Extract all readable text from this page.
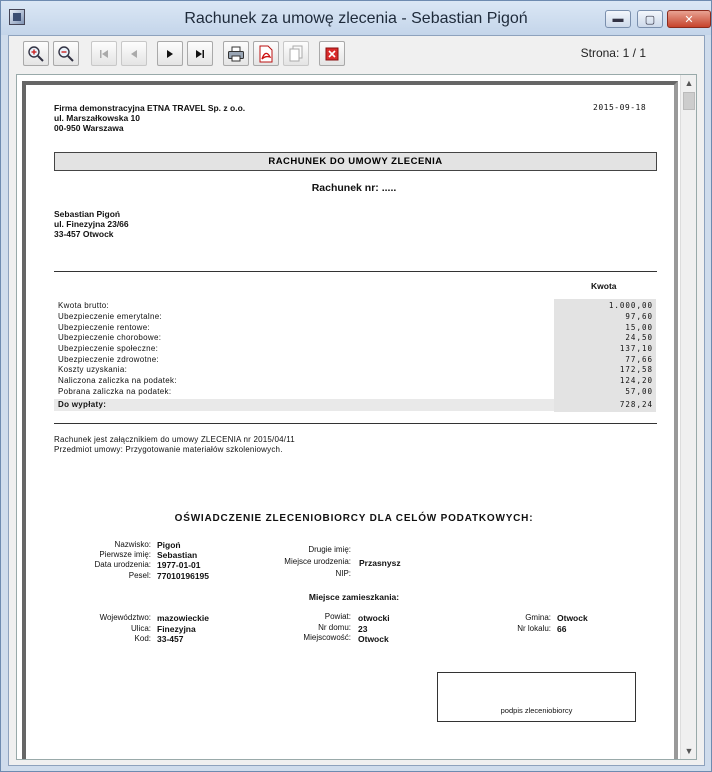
Rachunek za umowę zlecenia - Sebastian Pigoń	▬	▢	✕
Strona: 1 / 1
Firma demonstracyjna ETNA TRAVEL Sp. z o.o.
ul. Marszałkowska 10
00-950 Warszawa
2015-09-18
RACHUNEK DO UMOWY ZLECENIA
Rachunek nr: .....
Sebastian Pigoń
ul. Finezyjna 23/66
33-457 Otwock
Kwota
Kwota brutto:	1.000,00
Ubezpieczenie emerytalne:	97,60
Ubezpieczenie rentowe:	15,00
Ubezpieczenie chorobowe:	24,50
Ubezpieczenie społeczne:	137,10
Ubezpieczenie zdrowotne:	77,66
Koszty uzyskania:	172,58
Naliczona zaliczka na podatek:	124,20
Pobrana zaliczka na podatek:	57,00
Do wypłaty:	728,24
Rachunek jest załącznikiem do umowy ZLECENIA nr 2015/04/11
Przedmiot umowy: Przygotowanie materiałów szkoleniowych.
OŚWIADCZENIE ZLECENIOBIORCY DLA CELÓW PODATKOWYCH:
Nazwisko: Pigoń
Pierwsze imię: Sebastian
Data urodzenia: 1977-01-01
Pesel: 77010196195
Drugie imię:
Miejsce urodzenia: Przasnysz
NIP:
Miejsce zamieszkania:
Województwo: mazowieckie
Ulica: Finezyjna
Kod: 33-457
Powiat: otwocki
Nr domu: 23
Miejscowość: Otwock
Gmina: Otwock
Nr lokalu: 66
podpis zleceniobiorcy
▲
▼
